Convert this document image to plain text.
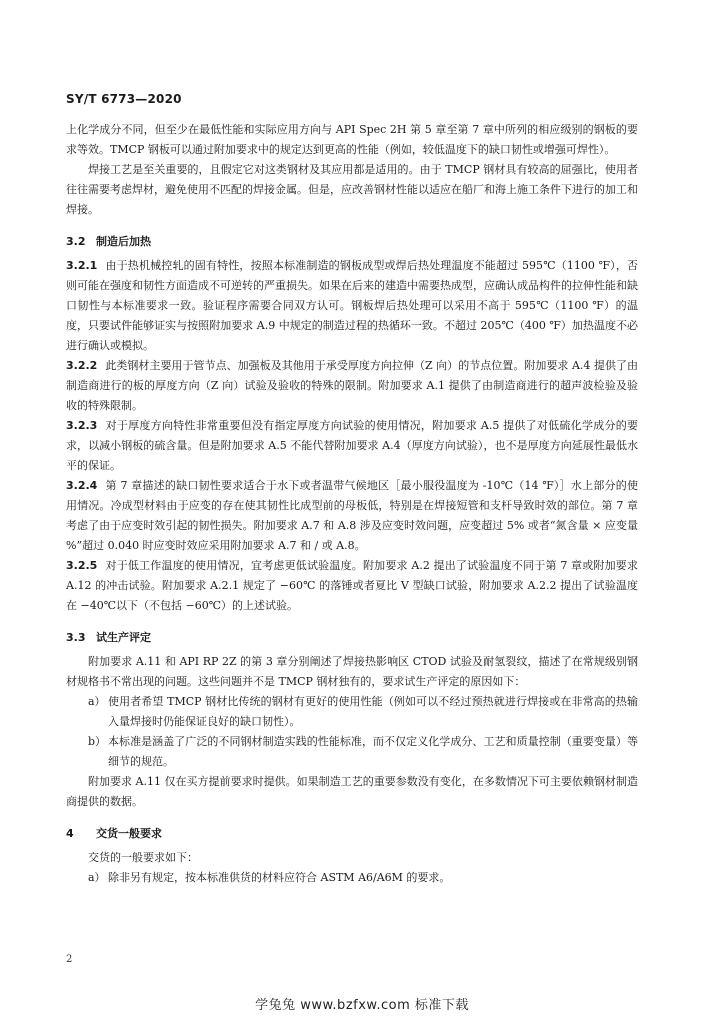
SY/T 6773—2020

上化学成分不同，但至少在最低性能和实际应用方向与 API Spec 2H 第 5 章至第 7 章中所列的相应级别的钢板的要求等效。TMCP 钢板可以通过附加要求中的规定达到更高的性能（例如，较低温度下的缺口韧性或增强可焊性）。

焊接工艺是至关重要的，且假定它对这类钢材及其应用都是适用的。由于 TMCP 钢材具有较高的屈强比，使用者往往需要考虑焊材，避免使用不匹配的焊接金属。但是，应改善钢材性能以适应在船厂和海上施工条件下进行的加工和焊接。

3.2 制造后加热

3.2.1 由于热机械控轧的固有特性，按照本标准制造的钢板成型或焊后热处理温度不能超过 595℃（1100 ℉），否则可能在强度和韧性方面造成不可逆转的严重损失。如果在后来的建造中需要热成型，应确认成品构件的拉伸性能和缺口韧性与本标准要求一致。验证程序需要合同双方认可。钢板焊后热处理可以采用不高于 595℃（1100 ℉）的温度，只要试件能够证实与按照附加要求 A.9 中规定的制造过程的热循环一致。不超过 205℃（400 ℉）加热温度不必进行确认或模拟。

3.2.2 此类钢材主要用于管节点、加强板及其他用于承受厚度方向拉伸（Z 向）的节点位置。附加要求 A.4 提供了由制造商进行的板的厚度方向（Z 向）试验及验收的特殊的限制。附加要求 A.1 提供了由制造商进行的超声波检验及验收的特殊限制。

3.2.3 对于厚度方向特性非常重要但没有指定厚度方向试验的使用情况，附加要求 A.5 提供了对低硫化学成分的要求，以减小钢板的硫含量。但是附加要求 A.5 不能代替附加要求 A.4（厚度方向试验），也不是厚度方向延展性最低水平的保证。

3.2.4 第 7 章描述的缺口韧性要求适合于水下或者温带气候地区［最小服役温度为 -10℃（14 ℉）］水上部分的使用情况。冷成型材料由于应变的存在使其韧性比成型前的母板低，特别是在焊接短管和支杆导致时效的部位。第 7 章考虑了由于应变时效引起的韧性损失。附加要求 A.7 和 A.8 涉及应变时效问题，应变超过 5% 或者“氮含量 × 应变量 %”超过 0.040 时应变时效应采用附加要求 A.7 和 / 或 A.8。

3.2.5 对于低工作温度的使用情况，宜考虑更低试验温度。附加要求 A.2 提出了试验温度不同于第 7 章或附加要求 A.12 的冲击试验。附加要求 A.2.1 规定了 −60℃ 的落锤或者夏比 V 型缺口试验，附加要求 A.2.2 提出了试验温度在 −40℃以下（不包括 −60℃）的上述试验。

3.3 试生产评定

附加要求 A.11 和 API RP 2Z 的第 3 章分别阐述了焊接热影响区 CTOD 试验及耐氢裂纹，描述了在常规级别钢材规格书不常出现的问题。这些问题并不是 TMCP 钢材独有的，要求试生产评定的原因如下：

a） 使用者希望 TMCP 钢材比传统的钢材有更好的使用性能（例如可以不经过预热就进行焊接或在非常高的热输入量焊接时仍能保证良好的缺口韧性）。
b） 本标准是涵盖了广泛的不同钢材制造实践的性能标准，而不仅定义化学成分、工艺和质量控制（重要变量）等细节的规范。

附加要求 A.11 仅在买方提前要求时提供。如果制造工艺的重要参数没有变化，在多数情况下可主要依赖钢材制造商提供的数据。

4 交货一般要求

交货的一般要求如下：

a） 除非另有规定，按本标准供货的材料应符合 ASTM A6/A6M 的要求。
2
学兔兔 www.bzfxw.com 标准下载
